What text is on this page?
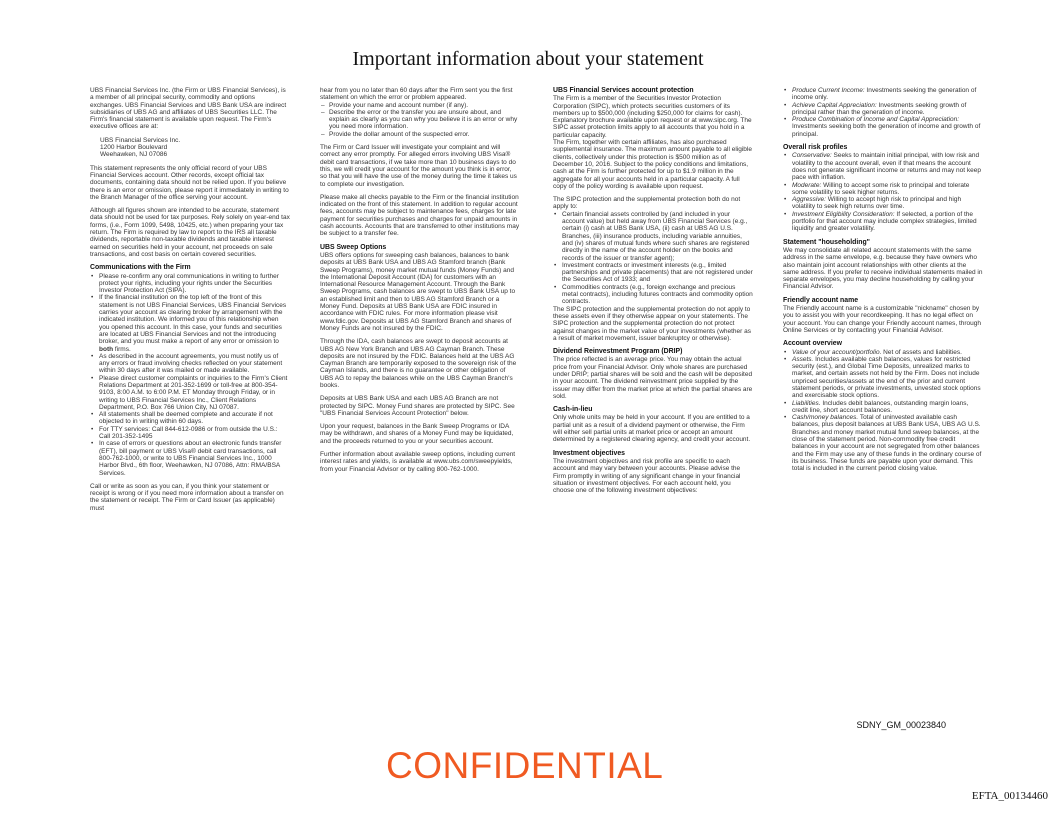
Important information about your statement

UBS Financial Services Inc. (the Firm or UBS Financial Services), is a member of all principal security, commodity and options exchanges. UBS Financial Services and UBS Bank USA are indirect subsidiaries of UBS AG and affiliates of UBS Securities LLC. The Firm's financial statement is available upon request. The Firm's executive offices are at:

UBS Financial Services Inc.
1200 Harbor Boulevard
Weehawken, NJ 07086

This statement represents the only official record of your UBS Financial Services account. Other records, except official tax documents, containing data should not be relied upon. If you believe there is an error or omission, please report it immediately in writing to the Branch Manager of the office serving your account.

Although all figures shown are intended to be accurate, statement data should not be used for tax purposes. Rely solely on year-end tax forms, (i.e., Form 1099, 5498, 10425, etc.) when preparing your tax return. The Firm is required by law to report to the IRS all taxable dividends, reportable non-taxable dividends and taxable interest earned on securities held in your account, net proceeds on sale transactions, and cost basis on certain covered securities.

Communications with the Firm
• Please re-confirm any oral communications in writing to further protect your rights, including your rights under the Securities Investor Protection Act (SIPA).
• If the financial institution on the top left of the front of this statement is not UBS Financial Services, UBS Financial Services carries your account as clearing broker by arrangement with the indicated institution. We informed you of this relationship when you opened this account. In this case, your funds and securities are located at UBS Financial Services and not the introducing broker, and you must make a report of any error or omission to both firms.
• As described in the account agreements, you must notify us of any errors or fraud involving checks reflected on your statement within 30 days after it was mailed or made available.
• Please direct customer complaints or inquiries to the Firm's Client Relations Department at 201-352-1699 or toll-free at 800-354-9103, 8:00 A.M. to 6:00 P.M. ET Monday through Friday, or in writing to UBS Financial Services Inc., Client Relations Department, P.O. Box 766 Union City, NJ 07087.
• All statements shall be deemed complete and accurate if not objected to in writing within 60 days.
• For TTY services: Call 844-612-0986 or from outside the U.S.: Call 201-352-1495
• In case of errors or questions about an electronic funds transfer (EFT), bill payment or UBS Visa® debit card transactions, call 800-762-1000, or write to UBS Financial Services Inc., 1000 Harbor Blvd., 6th floor, Weehawken, NJ 07086, Attn: RMA/BSA Services.

Call or write as soon as you can, if you think your statement or receipt is wrong or if you need more information about a transfer on the statement or receipt. The Firm or Card Issuer (as applicable) must

hear from you no later than 60 days after the Firm sent you the first statement on which the error or problem appeared.

– Provide your name and account number (if any).
– Describe the error or the transfer you are unsure about, and explain as clearly as you can why you believe it is an error or why you need more information.
– Provide the dollar amount of the suspected error.

The Firm or Card Issuer will investigate your complaint and will correct any error promptly. For alleged errors involving UBS Visa® debit card transactions, if we take more than 10 business days to do this, we will credit your account for the amount you think is in error, so that you will have the use of the money during the time it takes us to complete our investigation.

Please make all checks payable to the Firm or the financial institution indicated on the front of this statement. In addition to regular account fees, accounts may be subject to maintenance fees, charges for late payment for securities purchases and charges for unpaid amounts in cash accounts. Accounts that are transferred to other institutions may be subject to a transfer fee.

UBS Sweep Options

UBS offers options for sweeping cash balances, balances to bank deposits at UBS Bank USA and UBS AG Stamford branch (Bank Sweep Programs), money market mutual funds (Money Funds) and the International Deposit Account (IDA) for customers with an International Resource Management Account. Through the Bank Sweep Programs, cash balances are swept to UBS Bank USA up to an established limit and then to UBS AG Stamford Branch or a Money Fund. Deposits at UBS Bank USA are FDIC insured in accordance with FDIC rules. For more information please visit www.fdic.gov. Deposits at UBS AG Stamford Branch and shares of Money Funds are not insured by the FDIC.

Through the IDA, cash balances are swept to deposit accounts at UBS AG New York Branch and UBS AG Cayman Branch. These deposits are not insured by the FDIC. Balances held at the UBS AG Cayman Branch are temporarily exposed to the sovereign risk of the Cayman Islands, and there is no guarantee or other obligation of UBS AG to repay the balances while on the UBS Cayman Branch's books.

Deposits at UBS Bank USA and each UBS AG Branch are not protected by SIPC. Money Fund shares are protected by SIPC. See "UBS Financial Services Account Protection" below.

Upon your request, balances in the Bank Sweep Programs or IDA may be withdrawn, and shares of a Money Fund may be liquidated, and the proceeds returned to you or your securities account.

Further information about available sweep options, including current interest rates and yields, is available at www.ubs.com/sweepyields, from your Financial Advisor or by calling 800-762-1000.

UBS Financial Services account protection

The Firm is a member of the Securities Investor Protection Corporation (SIPC), which protects securities customers of its members up to $500,000 (including $250,000 for claims for cash). Explanatory brochure available upon request or at www.sipc.org. The SIPC asset protection limits apply to all accounts that you hold in a particular capacity.

The Firm, together with certain affiliates, has also purchased supplemental insurance. The maximum amount payable to all eligible clients, collectively under this protection is $500 million as of December 10, 2016. Subject to the policy conditions and limitations, cash at the Firm is further protected for up to $1.9 million in the aggregate for all your accounts held in a particular capacity. A full copy of the policy wording is available upon request.

The SIPC protection and the supplemental protection both do not apply to:

• Certain financial assets controlled by (and included in your account value) but held away from UBS Financial Services (e.g., certain (i) cash at UBS Bank USA, (ii) cash at UBS AG U.S. Branches, (iii) insurance products, including variable annuities, and (iv) shares of mutual funds where such shares are registered directly in the name of the account holder on the books and records of the issuer or transfer agent);
• Investment contracts or investment interests (e.g., limited partnerships and private placements) that are not registered under the Securities Act of 1933; and
• Commodities contracts (e.g., foreign exchange and precious metal contracts), including futures contracts and commodity option contracts.

The SIPC protection and the supplemental protection do not apply to these assets even if they otherwise appear on your statements. The SIPC protection and the supplemental protection do not protect against changes in the market value of your investments (whether as a result of market movement, issuer bankruptcy or otherwise).

Dividend Reinvestment Program (DRIP)

The price reflected is an average price. You may obtain the actual price from your Financial Advisor. Only whole shares are purchased under DRIP; partial shares will be sold and the cash will be deposited in your account. The dividend reinvestment price supplied by the issuer may differ from the market price at which the partial shares are sold.

Cash-in-lieu

Only whole units may be held in your account. If you are entitled to a partial unit as a result of a dividend payment or otherwise, the Firm will either sell partial units at market price or accept an amount determined by a registered clearing agency, and credit your account.

Investment objectives

The investment objectives and risk profile are specific to each account and may vary between your accounts. Please advise the Firm promptly in writing of any significant change in your financial situation or investment objectives. For each account held, you choose one of the following investment objectives:

• Produce Current Income: Investments seeking the generation of income only.
• Achieve Capital Appreciation: Investments seeking growth of principal rather than the generation of income.
• Produce Combination of Income and Capital Appreciation: Investments seeking both the generation of income and growth of principal.
Overall risk profiles
• Conservative: Seeks to maintain initial principal, with low risk and volatility to the account overall, even if that means the account does not generate significant income or returns and may not keep pace with inflation.
• Moderate: Willing to accept some risk to principal and tolerate some volatility to seek higher returns.
• Aggressive: Willing to accept high risk to principal and high volatility to seek high returns over time.
• Investment Eligibility Consideration: If selected, a portion of the portfolio for that account may include complex strategies, limited liquidity and greater volatility.
Statement "householding"

We may consolidate all related account statements with the same address in the same envelope, e.g. because they have owners who also maintain joint account relationships with other clients at the same address. If you prefer to receive individual statements mailed in separate envelopes, you may decline householding by calling your Financial Advisor.

Friendly account name

The Friendly account name is a customizable "nickname" chosen by you to assist you with your recordkeeping. It has no legal effect on your account. You can change your Friendly account names, through Online Services or by contacting your Financial Advisor.

Account overview
• Value of your account/portfolio. Net of assets and liabilities.
• Assets. Includes available cash balances, values for restricted security (est.), and Global Time Deposits, unrealized marks to market, and certain assets not held by the Firm. Does not include unpriced securities/assets at the end of the prior and current statement periods, or private investments, unvested stock options and exercisable stock options.
• Liabilities. Includes debit balances, outstanding margin loans, credit line, short account balances.
• Cash/money balances. Total of uninvested available cash balances, plus deposit balances at UBS Bank USA, UBS AG U.S. Branches and money market mutual fund sweep balances, at the close of the statement period. Non-commodity free credit balances in your account are not segregated from other balances and the Firm may use any of these funds in the ordinary course of its business. These funds are payable upon your demand. This total is included in the current period closing value.
SDNY_GM_00023840
CONFIDENTIAL
EFTA_00134460
